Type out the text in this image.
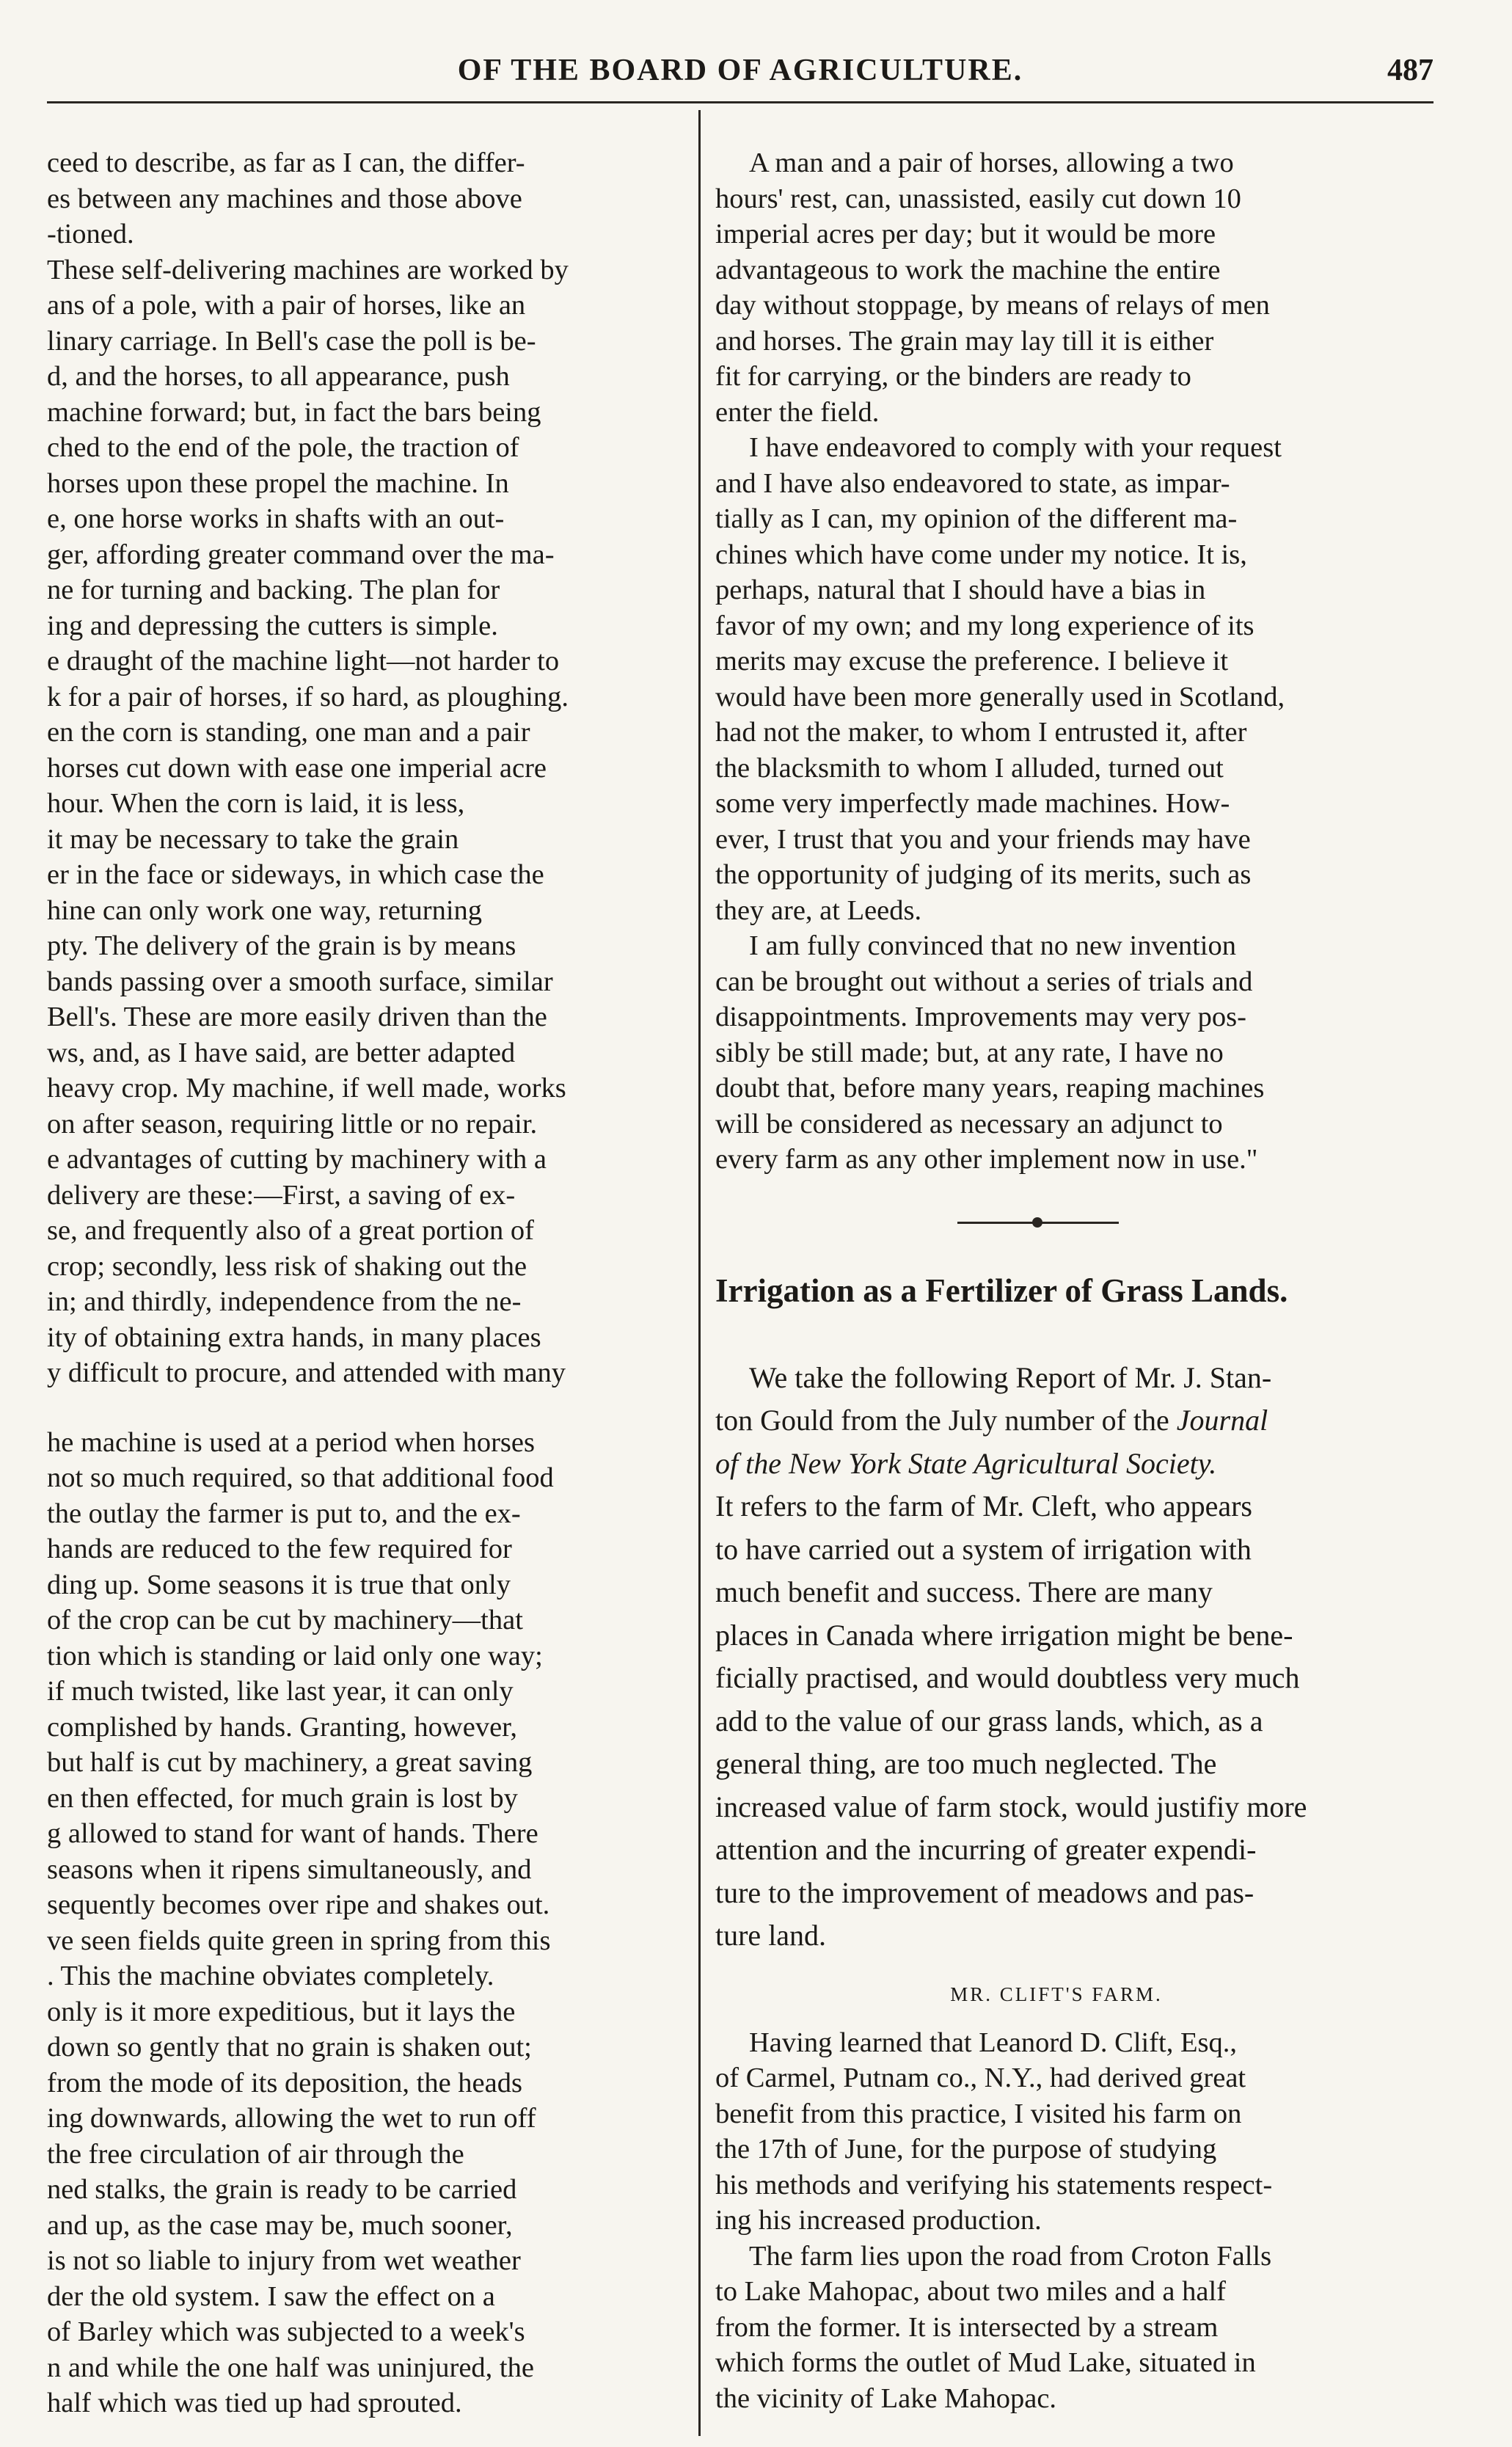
OF THE BOARD OF AGRICULTURE.	487

ceed to describe, as far as I can, the differ-
es between any machines and those above
-tioned.
These self-delivering machines are worked by
ans of a pole, with a pair of horses, like an
linary carriage. In Bell's case the poll is be-
d, and the horses, to all appearance, push
machine forward; but, in fact the bars being
ched to the end of the pole, the traction of
horses upon these propel the machine. In
e, one horse works in shafts with an out-
ger, affording greater command over the ma-
ne for turning and backing. The plan for
ing and depressing the cutters is simple.
e draught of the machine light—not harder to
k for a pair of horses, if so hard, as ploughing.
en the corn is standing, one man and a pair
horses cut down with ease one imperial acre
hour. When the corn is laid, it is less,
it may be necessary to take the grain
er in the face or sideways, in which case the
hine can only work one way, returning
pty. The delivery of the grain is by means
bands passing over a smooth surface, similar
Bell's. These are more easily driven than the
ws, and, as I have said, are better adapted
heavy crop. My machine, if well made, works
on after season, requiring little or no repair.
e advantages of cutting by machinery with a
delivery are these:—First, a saving of ex-
se, and frequently also of a great portion of
crop; secondly, less risk of shaking out the
in; and thirdly, independence from the ne-
ity of obtaining extra hands, in many places
y difficult to procure, and attended with many

he machine is used at a period when horses
not so much required, so that additional food
the outlay the farmer is put to, and the ex-
hands are reduced to the few required for
ding up. Some seasons it is true that only
of the crop can be cut by machinery—that
tion which is standing or laid only one way;
if much twisted, like last year, it can only
complished by hands. Granting, however,
but half is cut by machinery, a great saving
en then effected, for much grain is lost by
g allowed to stand for want of hands. There
seasons when it ripens simultaneously, and
sequently becomes over ripe and shakes out.
ve seen fields quite green in spring from this
. This the machine obviates completely.
only is it more expeditious, but it lays the
down so gently that no grain is shaken out;
from the mode of its deposition, the heads
ing downwards, allowing the wet to run off
the free circulation of air through the
ned stalks, the grain is ready to be carried
and up, as the case may be, much sooner,
is not so liable to injury from wet weather
der the old system. I saw the effect on a
of Barley which was subjected to a week's
n and while the one half was uninjured, the
half which was tied up had sprouted.

A man and a pair of horses, allowing a two
hours' rest, can, unassisted, easily cut down 10
imperial acres per day; but it would be more
advantageous to work the machine the entire
day without stoppage, by means of relays of men
and horses. The grain may lay till it is either
fit for carrying, or the binders are ready to
enter the field.

I have endeavored to comply with your request
and I have also endeavored to state, as impar-
tially as I can, my opinion of the different ma-
chines which have come under my notice. It is,
perhaps, natural that I should have a bias in
favor of my own; and my long experience of its
merits may excuse the preference. I believe it
would have been more generally used in Scotland,
had not the maker, to whom I entrusted it, after
the blacksmith to whom I alluded, turned out
some very imperfectly made machines. How-
ever, I trust that you and your friends may have
the opportunity of judging of its merits, such as
they are, at Leeds.

I am fully convinced that no new invention
can be brought out without a series of trials and
disappointments. Improvements may very pos-
sibly be still made; but, at any rate, I have no
doubt that, before many years, reaping machines
will be considered as necessary an adjunct to
every farm as any other implement now in use."

Irrigation as a Fertilizer of Grass Lands.

We take the following Report of Mr. J. Stan-
ton Gould from the July number of the Journal
of the New York State Agricultural Society.
It refers to the farm of Mr. Cleft, who appears
to have carried out a system of irrigation with
much benefit and success. There are many
places in Canada where irrigation might be bene-
ficially practised, and would doubtless very much
add to the value of our grass lands, which, as a
general thing, are too much neglected. The
increased value of farm stock, would justifiy more
attention and the incurring of greater expendi-
ture to the improvement of meadows and pas-
ture land.

MR. CLIFT'S FARM.

Having learned that Leanord D. Clift, Esq.,
of Carmel, Putnam co., N.Y., had derived great
benefit from this practice, I visited his farm on
the 17th of June, for the purpose of studying
his methods and verifying his statements respect-
ing his increased production.

The farm lies upon the road from Croton Falls
to Lake Mahopac, about two miles and a half
from the former. It is intersected by a stream
which forms the outlet of Mud Lake, situated in
the vicinity of Lake Mahopac.
